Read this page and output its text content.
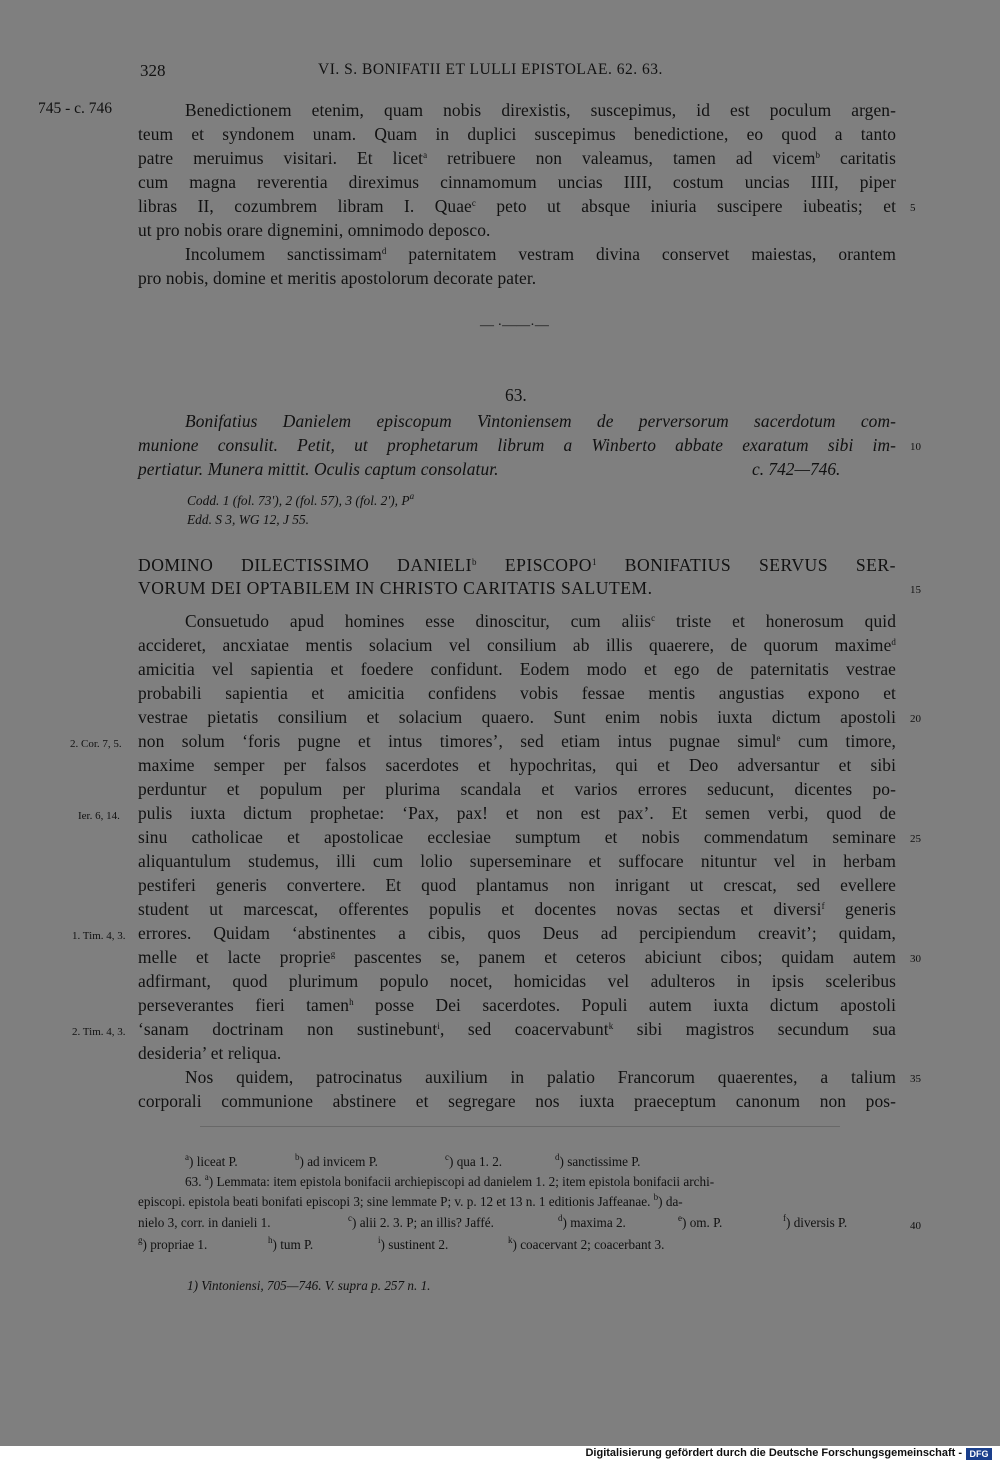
328	VI. S. BONIFATII ET LULLI EPISTOLAE. 62. 63.
745 - c. 746	Benedictionem etenim, quam nobis direxistis, suscepimus, id est poculum argen-
teum et syndonem unam. Quam in duplici suscepimus benedictione, eo quod a tanto
patre meruimus visitari. Et licet$^a$ retribuere non valeamus, tamen ad vicem$^b$ caritatis
cum magna reverentia direximus cinnamomum uncias IIII, costum uncias IIII, piper
libras II, cozumbrem libram I. Quae$^c$ peto ut absque iniuria suscipere iubeatis; et
ut pro nobis orare dignemini, omnimodo deposco.
Incolumem sanctissimam$^d$ paternitatem vestram divina conservet maiestas, orantem
pro nobis, domine et meritis apostolorum decorate pater.
5
— ·——·—
63.
Bonifatius Danielem episcopum Vintoniensem de perversorum sacerdotum com-
munione consulit. Petit, ut prophetarum librum a Winberto abbate exaratum sibi im-
pertiatur. Munera mittit. Oculis captum consolatur.	c. 742—746.
10
Codd. 1 (fol. 73'), 2 (fol. 57), 3 (fol. 2'), $P^a$
Edd. S 3, WG 12, J 55.
DOMINO DILECTISSIMO DANIELI$^b$ EPISCOPO$^1$ BONIFATIUS SERVUS SER-
VORUM DEI OPTABILEM IN CHRISTO CARITATIS SALUTEM.	15
Consuetudo apud homines esse dinoscitur, cum aliis$^c$ triste et honerosum quid
accideret, ancxiatae mentis solacium vel consilium ab illis quaerere, de quorum maxime$^d$
amicitia vel sapientia et foedere confidunt. Eodem modo et ego de paternitatis vestrae
probabili sapientia et amicitia confidens vobis fessae mentis angustias expono et
vestrae pietatis consilium et solacium quaero. Sunt enim nobis iuxta dictum apostoli
non solum ‘foris pugne et intus timores’, sed etiam intus pugnae simul$^e$ cum timore,
maxime semper per falsos sacerdotes et hypochritas, qui et Deo adversantur et sibi
perduntur et populum per plurima scandala et varios errores seducunt, dicentes po-
pulis iuxta dictum prophetae: ‘Pax, pax! et non est pax’. Et semen verbi, quod de
sinu catholicae et apostolicae ecclesiae sumptum et nobis commendatum seminare
aliquantulum studemus, illi cum lolio superseminare et suffocare nituntur vel in herbam
pestiferi generis convertere. Et quod plantamus non inrigant ut crescat, sed evellere
student ut marcescat, offerentes populis et docentes novas sectas et diversi$^f$ generis
errores. Quidam ‘abstinentes a cibis, quos Deus ad percipiendum creavit’; quidam,
melle et lacte proprie$^g$ pascentes se, panem et ceteros abiciunt cibos; quidam autem
adfirmant, quod plurimum populo nocet, homicidas vel adulteros in ipsis sceleribus
perseverantes fieri tamen$^h$ posse Dei sacerdotes. Populi autem iuxta dictum apostoli
‘sanam doctrinam non sustinebunt$^i$, sed coacervabunt$^k$ sibi magistros secundum sua
desideria’ et reliqua.
Nos quidem, patrocinatus auxilium in palatio Francorum quaerentes, a talium
corporali communione abstinere et segregare nos iuxta praeceptum canonum non pos-
20
25
30
35
2. Cor. 7, 5.
Ier. 6, 14.
1. Tim. 4, 3.
2. Tim. 4, 3.
$^a$) liceat P.	$^b$) ad invicem P.	$^c$) qua 1. 2.	$^d$) sanctissime P.
63. $^a$) Lemmata: item epistola bonifacii archiepiscopi ad danielem 1. 2; item epistola bonifacii archi-
episcopi. epistola beati bonifati episcopi 3; sine lemmate P; v. p. 12 et 13 n. 1 editionis Jaffeanae. $^b$) da-
nielo 3, corr. in danieli 1.	$^c$) alii 2. 3. P; an illis? Jaffé.	$^d$) maxima 2.	$^e$) om. P.	$^f$) diversis P.	40
$^g$) propriae 1.	$^h$) tum P.	$^i$) sustinent 2.	$^k$) coacervant 2; coacerbant 3.
1) Vintoniensi, 705—746. V. supra p. 257 n. 1.
Digitalisierung gefördert durch die Deutsche Forschungsgemeinschaft - DFG
